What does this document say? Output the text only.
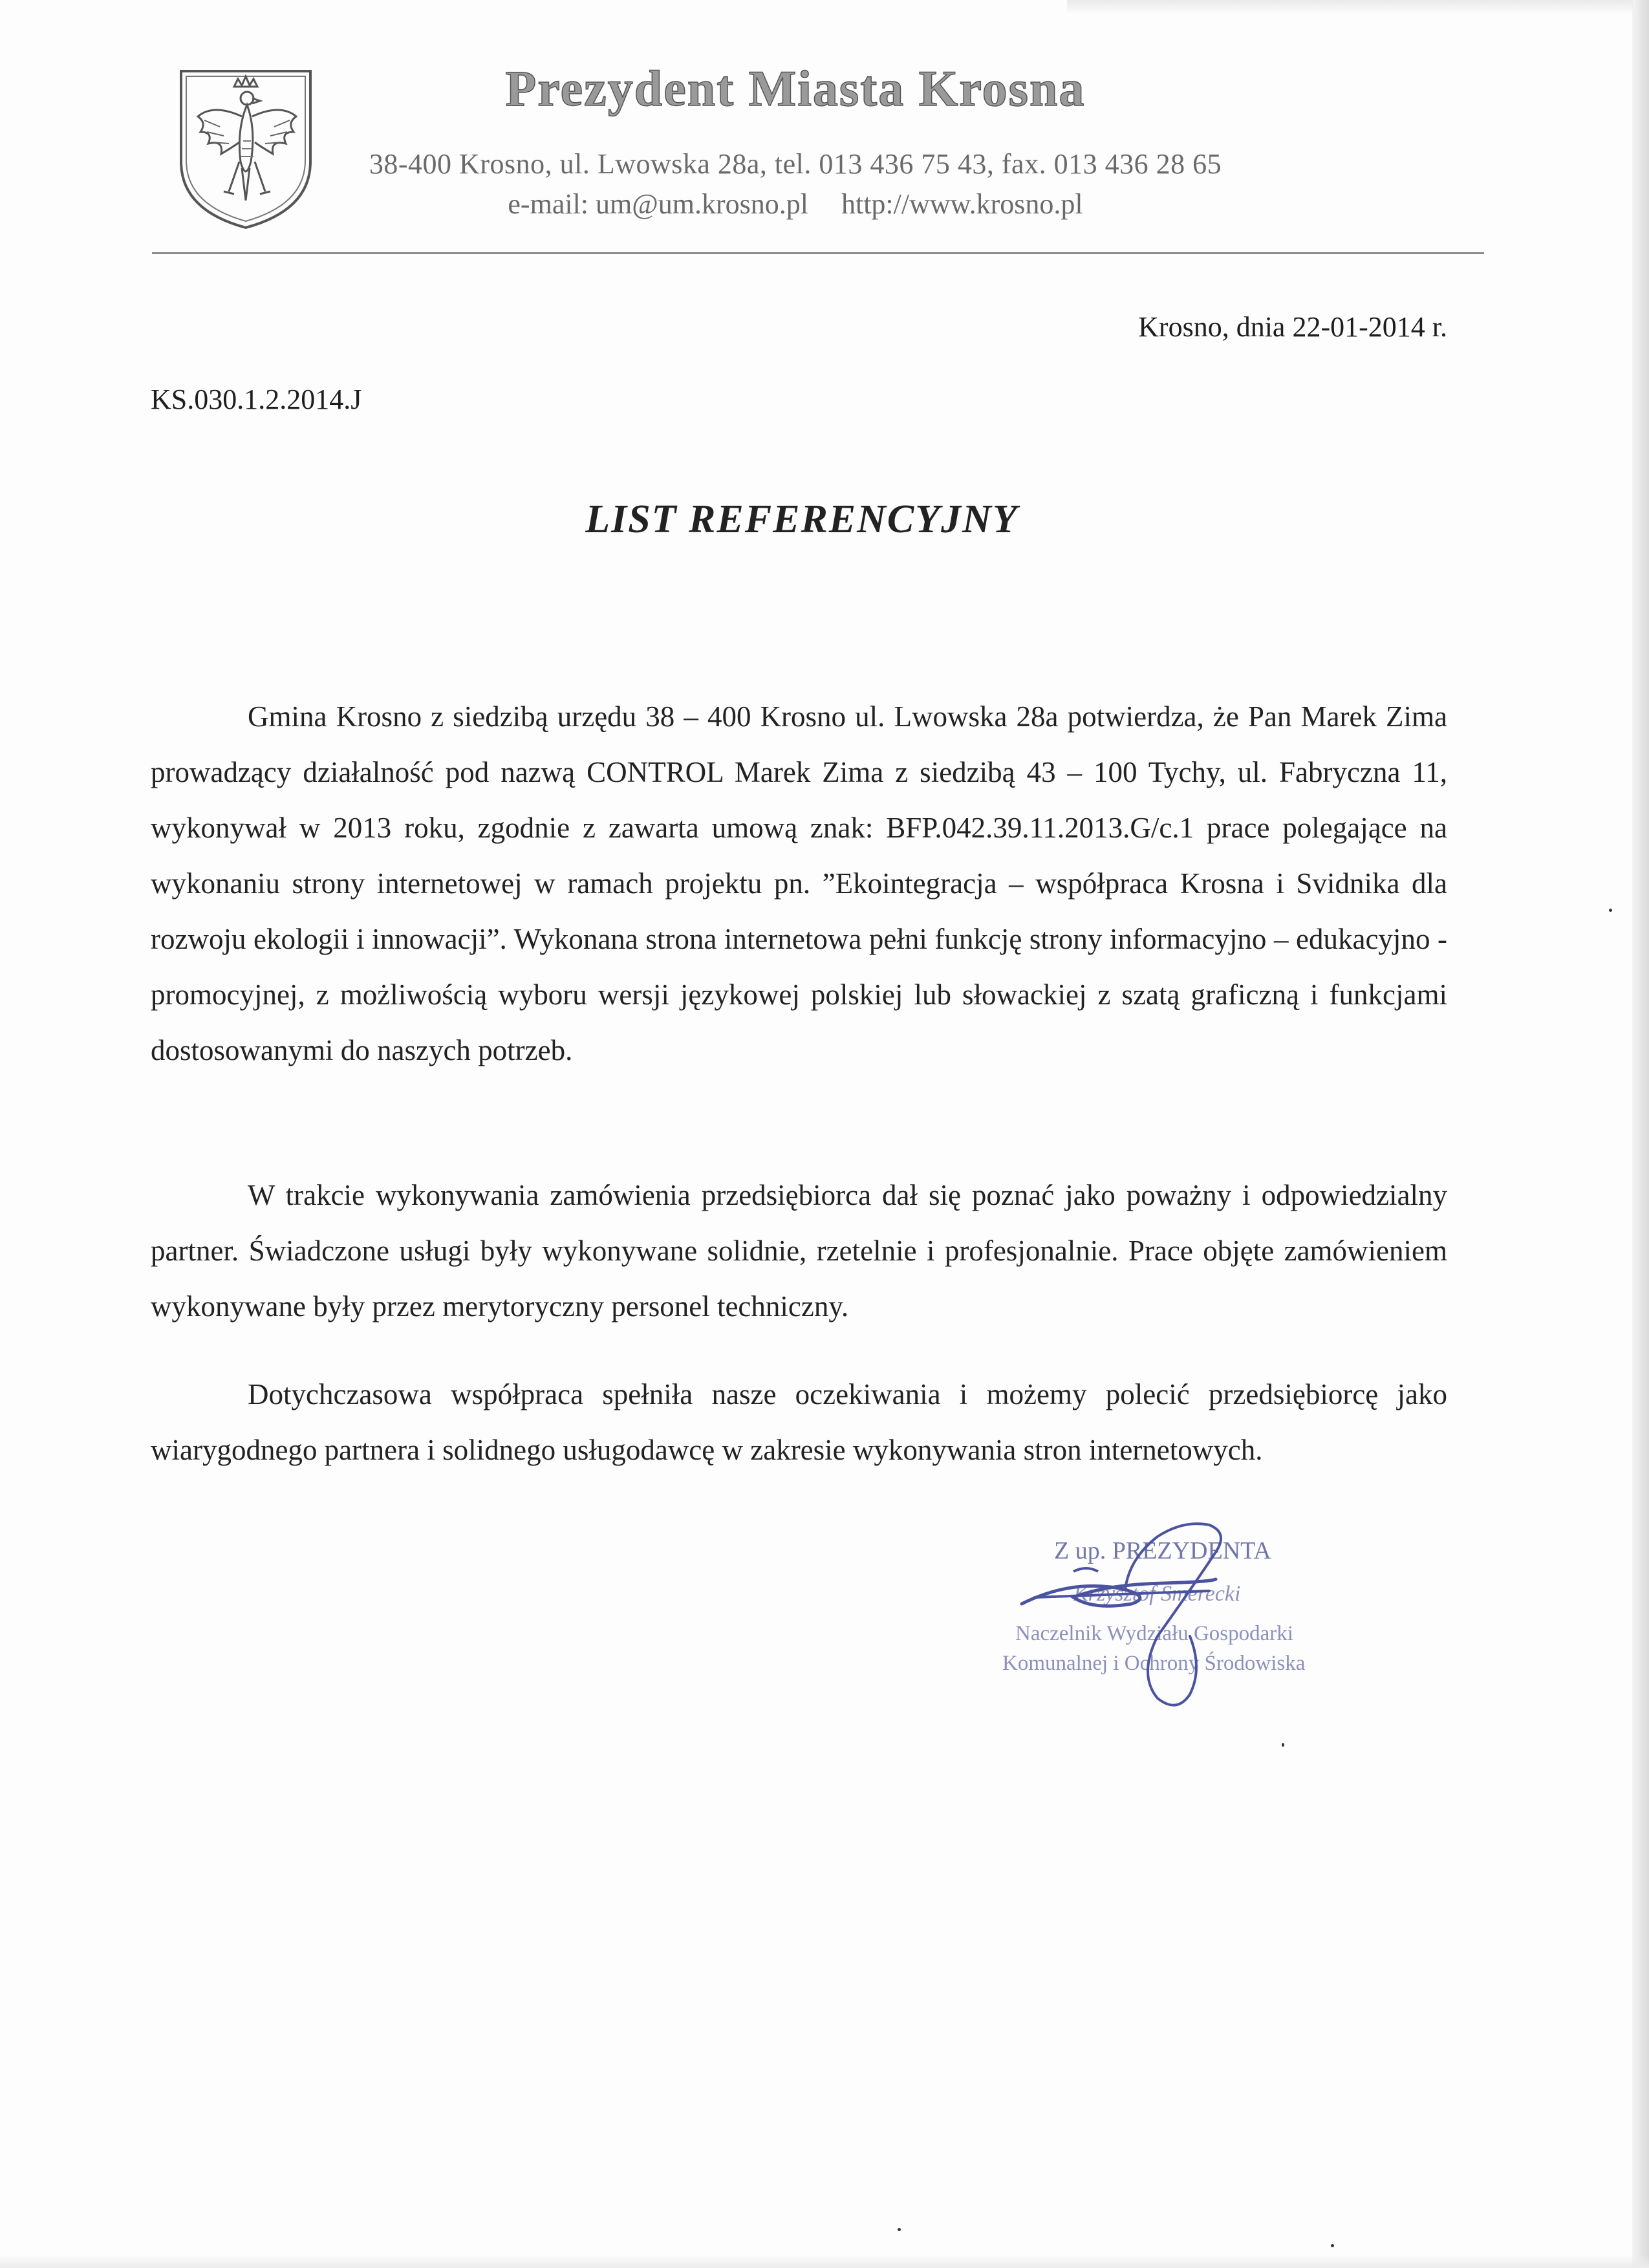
Prezydent Miasta Krosna
38-400 Krosno, ul. Lwowska 28a, tel. 013 436 75 43, fax. 013 436 28 65
e-mail: um@um.krosno.pl http://www.krosno.pl
Krosno, dnia 22-01-2014 r.
KS.030.1.2.2014.J
LIST REFERENCYJNY

Gmina Krosno z siedzibą urzędu 38 – 400 Krosno ul. Lwowska 28a potwierdza, że Pan Marek Zima prowadzący działalność pod nazwą CONTROL Marek Zima z siedzibą 43 – 100 Tychy, ul. Fabryczna 11, wykonywał w 2013 roku, zgodnie z zawarta umową znak: BFP.042.39.11.2013.G/c.1 prace polegające na wykonaniu strony internetowej w ramach projektu pn. ”Ekointegracja – współpraca Krosna i Svidnika dla rozwoju ekologii i innowacji”. Wykonana strona internetowa pełni funkcję strony informacyjno – edukacyjno - promocyjnej, z możliwością wyboru wersji językowej polskiej lub słowackiej z szatą graficzną i funkcjami dostosowanymi do naszych potrzeb.

W trakcie wykonywania zamówienia przedsiębiorca dał się poznać jako poważny i odpowiedzialny partner. Świadczone usługi były wykonywane solidnie, rzetelnie i profesjonalnie. Prace objęte zamówieniem wykonywane były przez merytoryczny personel techniczny.

Dotychczasowa współpraca spełniła nasze oczekiwania i możemy polecić przedsiębiorcę jako wiarygodnego partnera i solidnego usługodawcę w zakresie wykonywania stron internetowych.

Z up. PREZYDENTA
Krzysztof Smerecki
Naczelnik Wydziału Gospodarki
Komunalnej i Ochrony Środowiska
